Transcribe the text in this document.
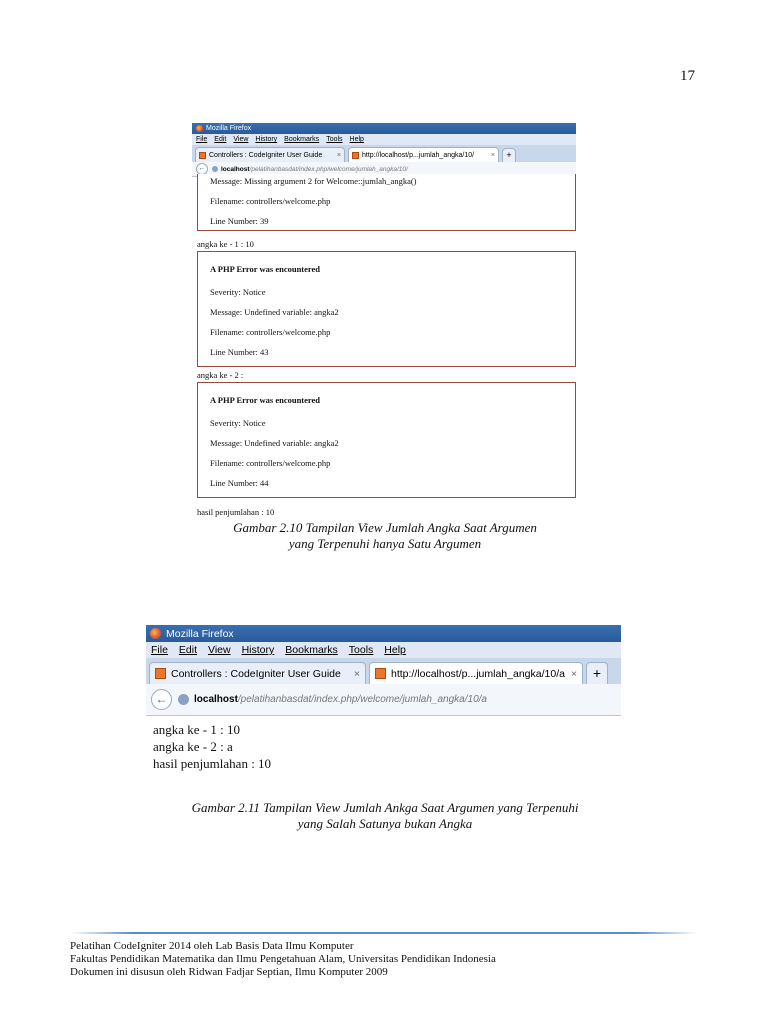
17
Mozilla Firefox
File Edit View History Bookmarks Tools Help
Controllers : CodeIgniter User Guide ×	http://localhost/p...jumlah_angka/10/ ×	+
←	localhost/pelatihanbasdat/index.php/welcome/jumlah_angka/10/

Message: Missing argument 2 for Welcome::jumlah_angka()

Filename: controllers/welcome.php

Line Number: 39

angka ke - 1 : 10

A PHP Error was encountered

Severity: Notice

Message: Undefined variable: angka2

Filename: controllers/welcome.php

Line Number: 43

angka ke - 2 :

A PHP Error was encountered

Severity: Notice

Message: Undefined variable: angka2

Filename: controllers/welcome.php

Line Number: 44

hasil penjumlahan : 10

Gambar 2.10 Tampilan View Jumlah Angka Saat Argumen
yang Terpenuhi hanya Satu Argumen
Mozilla Firefox
File Edit View History Bookmarks Tools Help
Controllers : CodeIgniter User Guide ×	http://localhost/p...jumlah_angka/10/a ×	+
←	localhost/pelatihanbasdat/index.php/welcome/jumlah_angka/10/a
angka ke - 1 : 10
angka ke - 2 : a
hasil penjumlahan : 10
Gambar 2.11 Tampilan View Jumlah Ankga Saat Argumen yang Terpenuhi
yang Salah Satunya bukan Angka
Pelatihan CodeIgniter 2014 oleh Lab Basis Data Ilmu Komputer
Fakultas Pendidikan Matematika dan Ilmu Pengetahuan Alam, Universitas Pendidikan Indonesia
Dokumen ini disusun oleh Ridwan Fadjar Septian, Ilmu Komputer 2009
